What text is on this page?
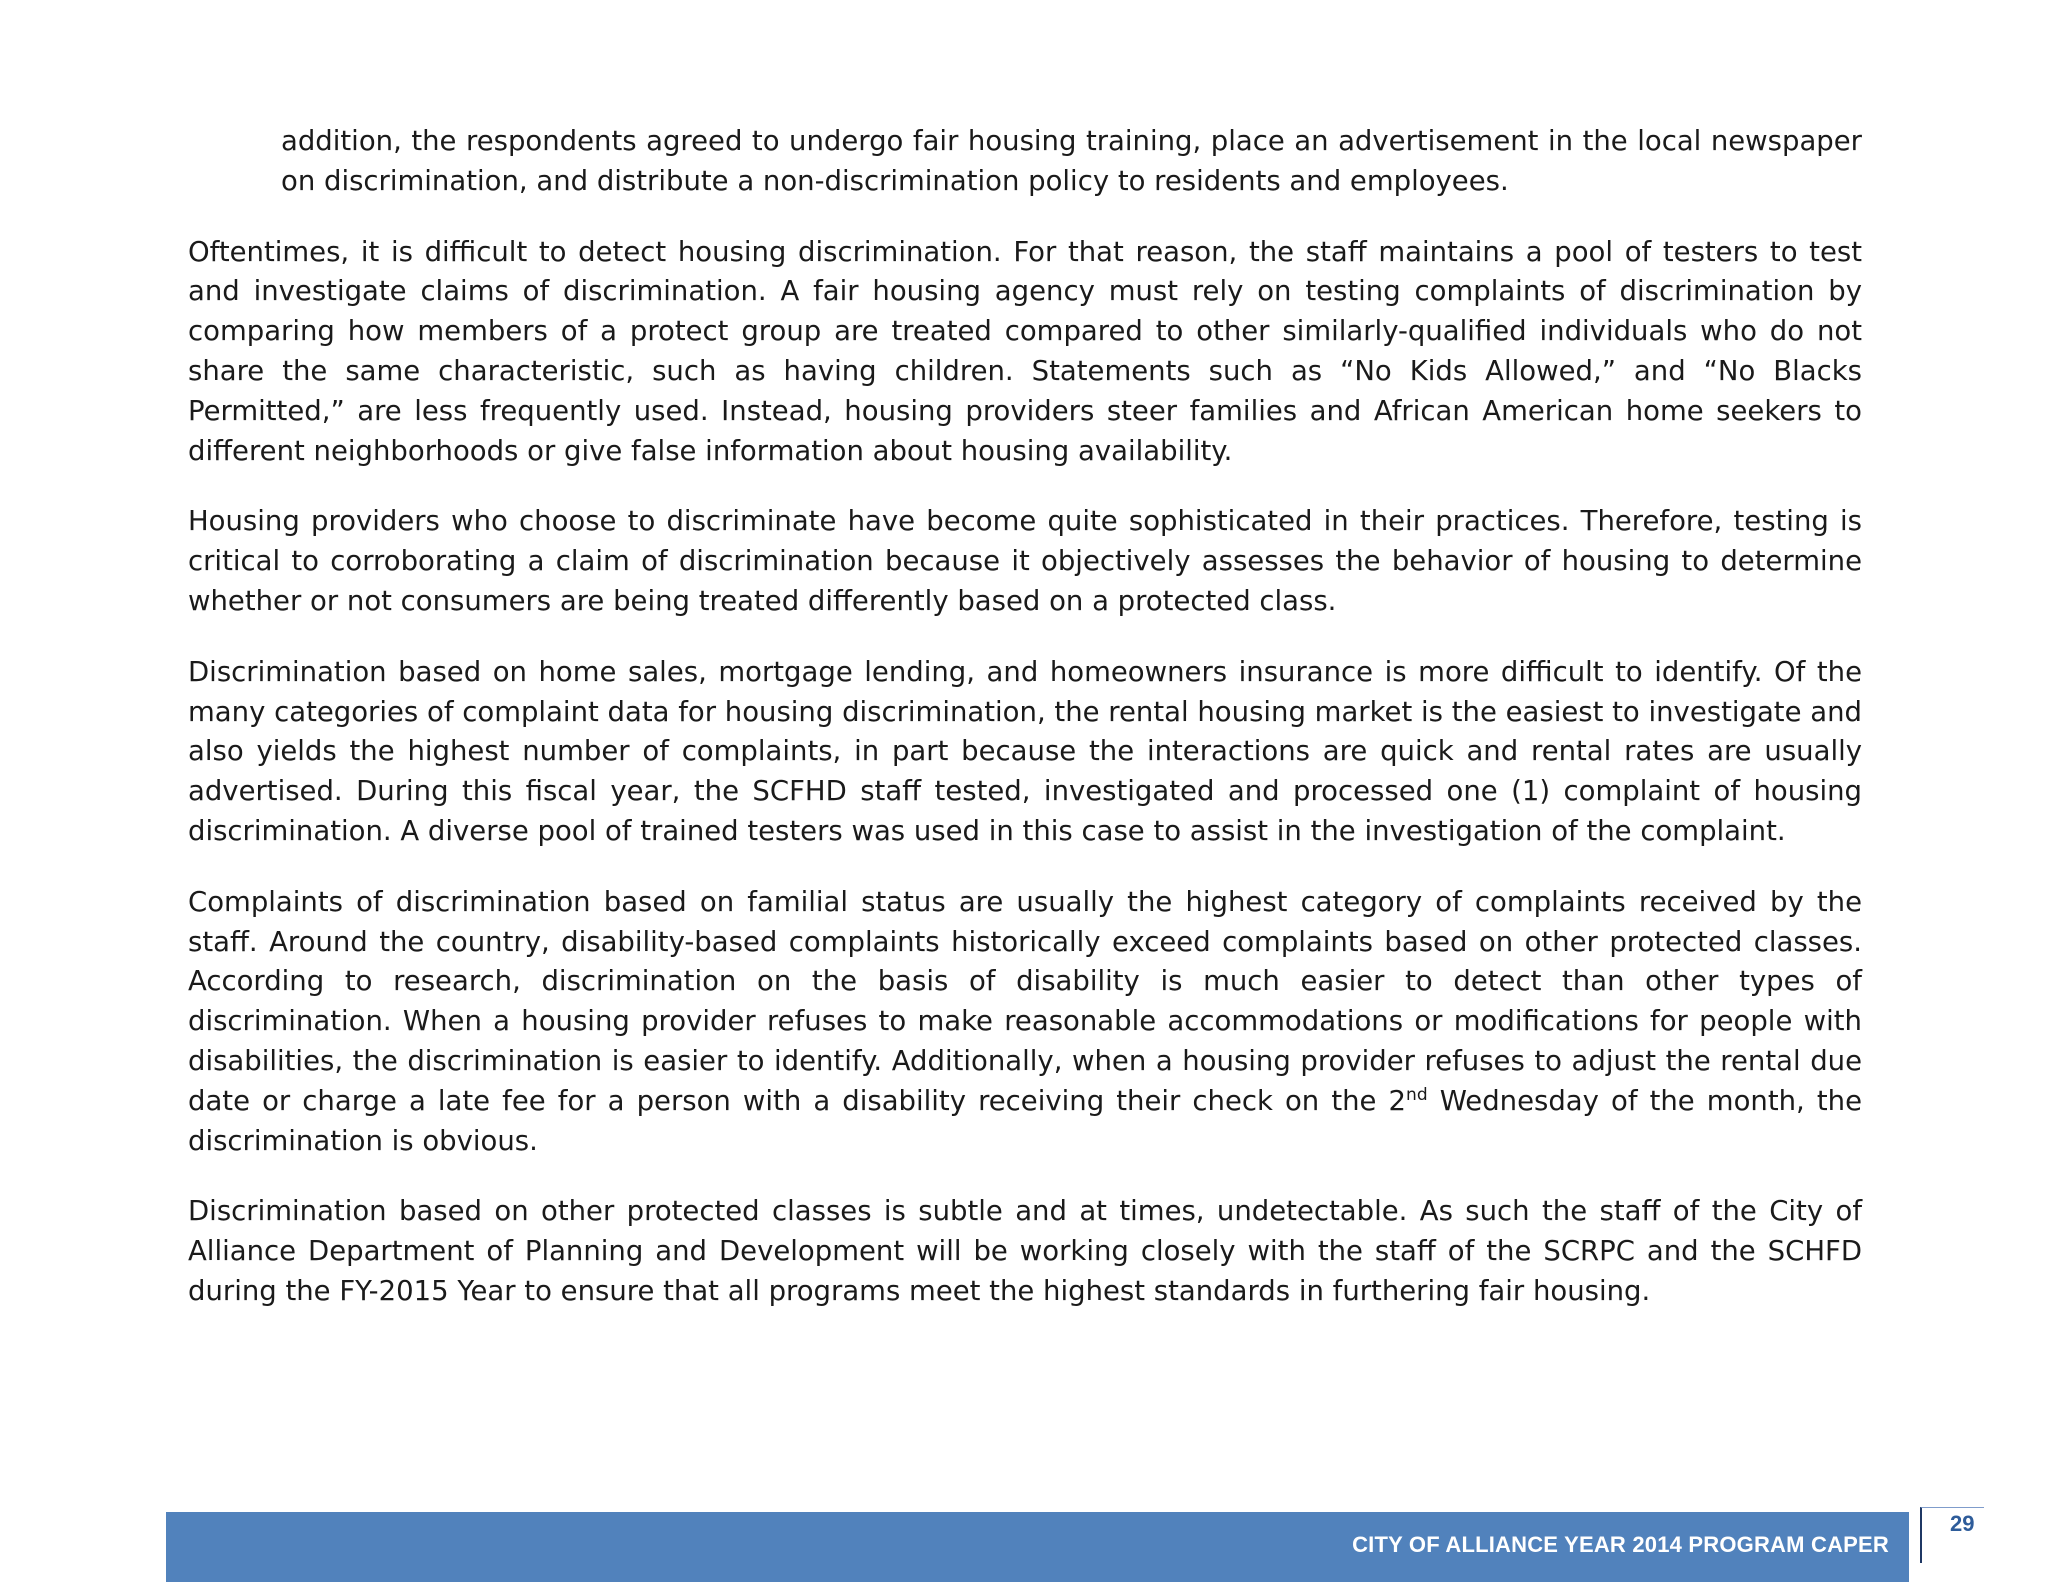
addition, the respondents agreed to undergo fair housing training, place an advertisement in the local newspaper on discrimination, and distribute a non-discrimination policy to residents and employees.

Oftentimes, it is difficult to detect housing discrimination. For that reason, the staff maintains a pool of testers to test and investigate claims of discrimination. A fair housing agency must rely on testing complaints of discrimination by comparing how members of a protect group are treated compared to other similarly-qualified individuals who do not share the same characteristic, such as having children. Statements such as “No Kids Allowed,” and “No Blacks Permitted,” are less frequently used. Instead, housing providers steer families and African American home seekers to different neighborhoods or give false information about housing availability.

Housing providers who choose to discriminate have become quite sophisticated in their practices. Therefore, testing is critical to corroborating a claim of discrimination because it objectively assesses the behavior of housing to determine whether or not consumers are being treated differently based on a protected class.

Discrimination based on home sales, mortgage lending, and homeowners insurance is more difficult to identify. Of the many categories of complaint data for housing discrimination, the rental housing market is the easiest to investigate and also yields the highest number of complaints, in part because the interactions are quick and rental rates are usually advertised. During this fiscal year, the SCFHD staff tested, investigated and processed one (1) complaint of housing discrimination. A diverse pool of trained testers was used in this case to assist in the investigation of the complaint.

Complaints of discrimination based on familial status are usually the highest category of complaints received by the staff. Around the country, disability-based complaints historically exceed complaints based on other protected classes. According to research, discrimination on the basis of disability is much easier to detect than other types of discrimination. When a housing provider refuses to make reasonable accommodations or modifications for people with disabilities, the discrimination is easier to identify. Additionally, when a housing provider refuses to adjust the rental due date or charge a late fee for a person with a disability receiving their check on the 2nd Wednesday of the month, the discrimination is obvious.

Discrimination based on other protected classes is subtle and at times, undetectable. As such the staff of the City of Alliance Department of Planning and Development will be working closely with the staff of the SCRPC and the SCHFD during the FY-2015 Year to ensure that all programs meet the highest standards in furthering fair housing.

CITY OF ALLIANCE YEAR 2014 PROGRAM CAPER
29
